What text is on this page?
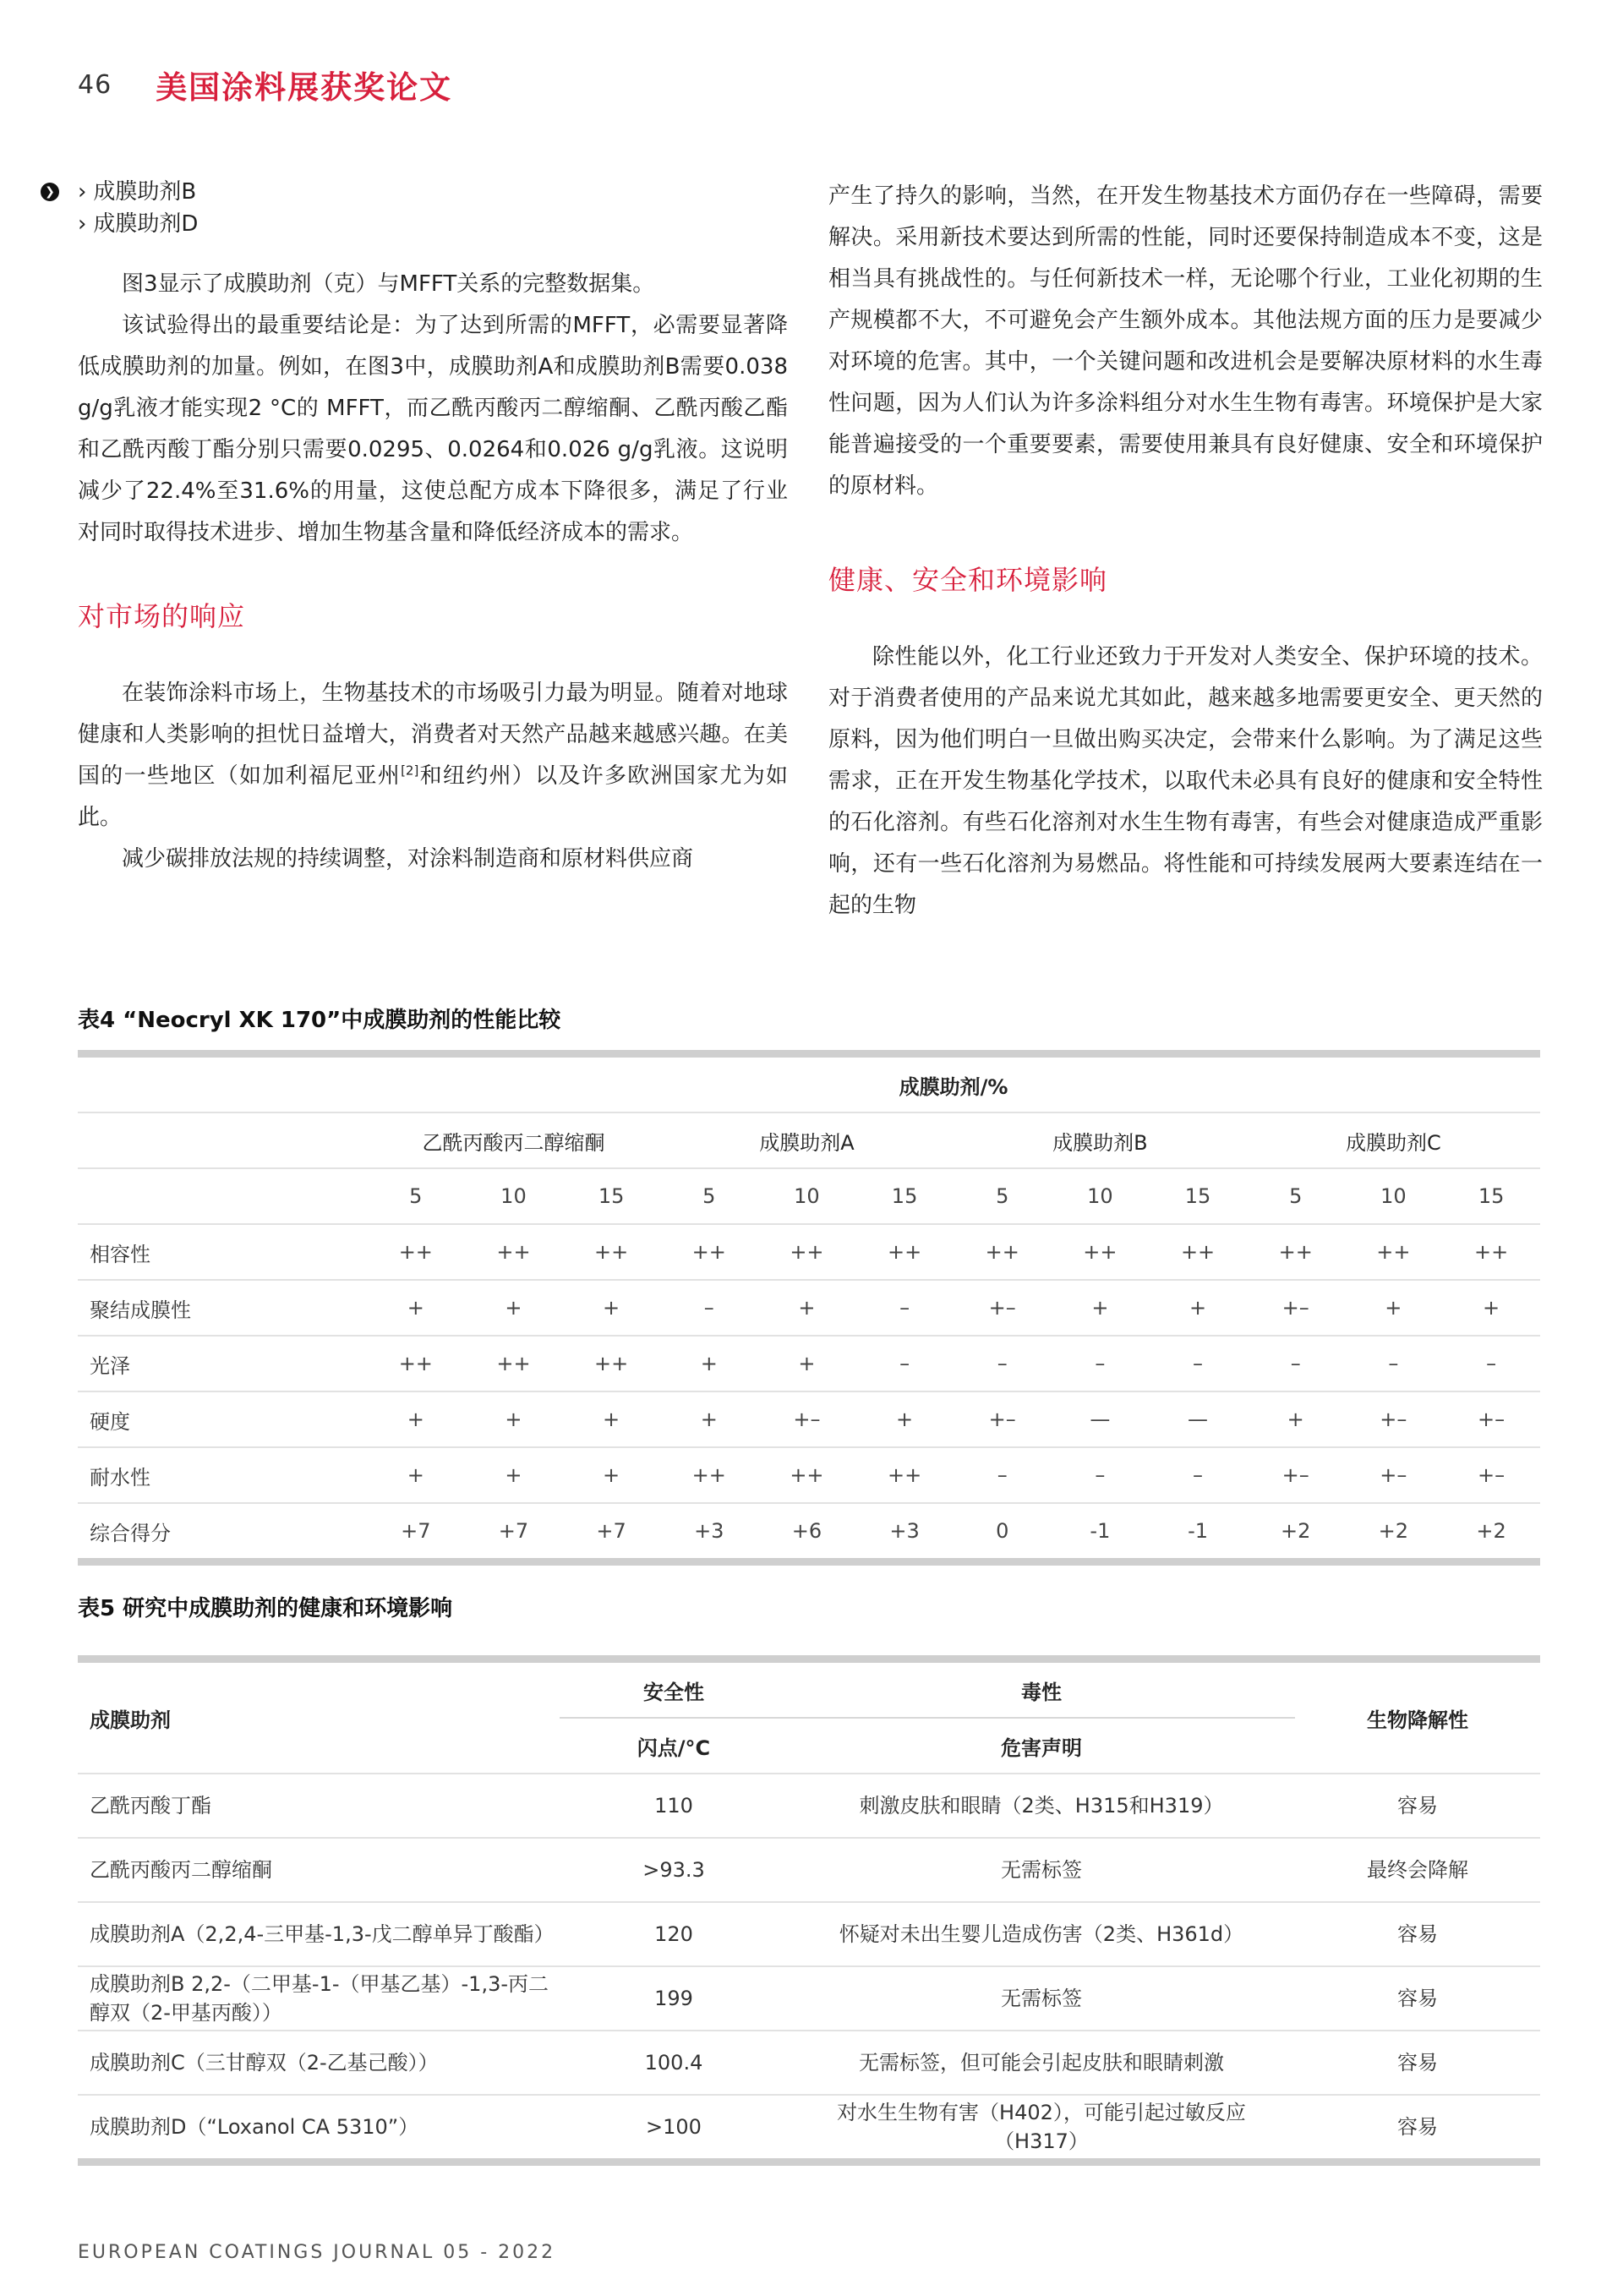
46 美国涂料展获奖论文
❯ › 成膜助剂B
› 成膜助剂D

图3显示了成膜助剂（克）与MFFT关系的完整数据集。

该试验得出的最重要结论是：为了达到所需的MFFT，必需要显著降低成膜助剂的加量。例如，在图3中，成膜助剂A和成膜助剂B需要0.038 g/g乳液才能实现2 °C的 MFFT，而乙酰丙酸丙二醇缩酮、乙酰丙酸乙酯和乙酰丙酸丁酯分别只需要0.0295、0.0264和0.026 g/g乳液。这说明减少了22.4%至31.6%的用量，这使总配方成本下降很多，满足了行业对同时取得技术进步、增加生物基含量和降低经济成本的需求。

对市场的响应

在装饰涂料市场上，生物基技术的市场吸引力最为明显。随着对地球健康和人类影响的担忧日益增大，消费者对天然产品越来越感兴趣。在美国的一些地区（如加利福尼亚州[2]和纽约州）以及许多欧洲国家尤为如此。

减少碳排放法规的持续调整，对涂料制造商和原材料供应商

产生了持久的影响，当然，在开发生物基技术方面仍存在一些障碍，需要解决。采用新技术要达到所需的性能，同时还要保持制造成本不变，这是相当具有挑战性的。与任何新技术一样，无论哪个行业，工业化初期的生产规模都不大，不可避免会产生额外成本。其他法规方面的压力是要减少对环境的危害。其中，一个关键问题和改进机会是要解决原材料的水生毒性问题，因为人们认为许多涂料组分对水生生物有毒害。环境保护是大家能普遍接受的一个重要要素，需要使用兼具有良好健康、安全和环境保护的原材料。

健康、安全和环境影响

除性能以外，化工行业还致力于开发对人类安全、保护环境的技术。对于消费者使用的产品来说尤其如此，越来越多地需要更安全、更天然的原料，因为他们明白一旦做出购买决定，会带来什么影响。为了满足这些需求，正在开发生物基化学技术，以取代未必具有良好的健康和安全特性的石化溶剂。有些石化溶剂对水生生物有毒害，有些会对健康造成严重影响，还有一些石化溶剂为易燃品。将性能和可持续发展两大要素连结在一起的生物

表4 “Neocryl XK 170”中成膜助剂的性能比较
	成膜助剂/%											
	乙酰丙酸丙二醇缩酮			成膜助剂A			成膜助剂B			成膜助剂C		
	5	10	15	5	10	15	5	10	15	5	10	15
相容性	++	++	++	++	++	++	++	++	++	++	++	++
聚结成膜性	+	+	+	–	+	–	+–	+	+	+–	+	+
光泽	++	++	++	+	+	–	–	–	–	–	–	–
硬度	+	+	+	+	+–	+	+–	—	—	+	+–	+–
耐水性	+	+	+	++	++	++	–	–	–	+–	+–	+–
综合得分	+7	+7	+7	+3	+6	+3	0	-1	-1	+2	+2	+2
表5 研究中成膜助剂的健康和环境影响
成膜助剂	安全性	毒性	生物降解性
	闪点/°C	危害声明	
乙酰丙酸丁酯	110	刺激皮肤和眼睛（2类、H315和H319）	容易
乙酰丙酸丙二醇缩酮	>93.3	无需标签	最终会降解
成膜助剂A（2,2,4-三甲基-1,3-戊二醇单异丁酸酯）	120	怀疑对未出生婴儿造成伤害（2类、H361d）	容易
成膜助剂B 2,2-（二甲基-1-（甲基乙基）-1,3-丙二醇双（2-甲基丙酸））	199	无需标签	容易
成膜助剂C（三甘醇双（2-乙基己酸））	100.4	无需标签，但可能会引起皮肤和眼睛刺激	容易
成膜助剂D（“Loxanol CA 5310”）	>100	对水生生物有害（H402），可能引起过敏反应（H317）	容易
EUROPEAN COATINGS JOURNAL 05 - 2022
